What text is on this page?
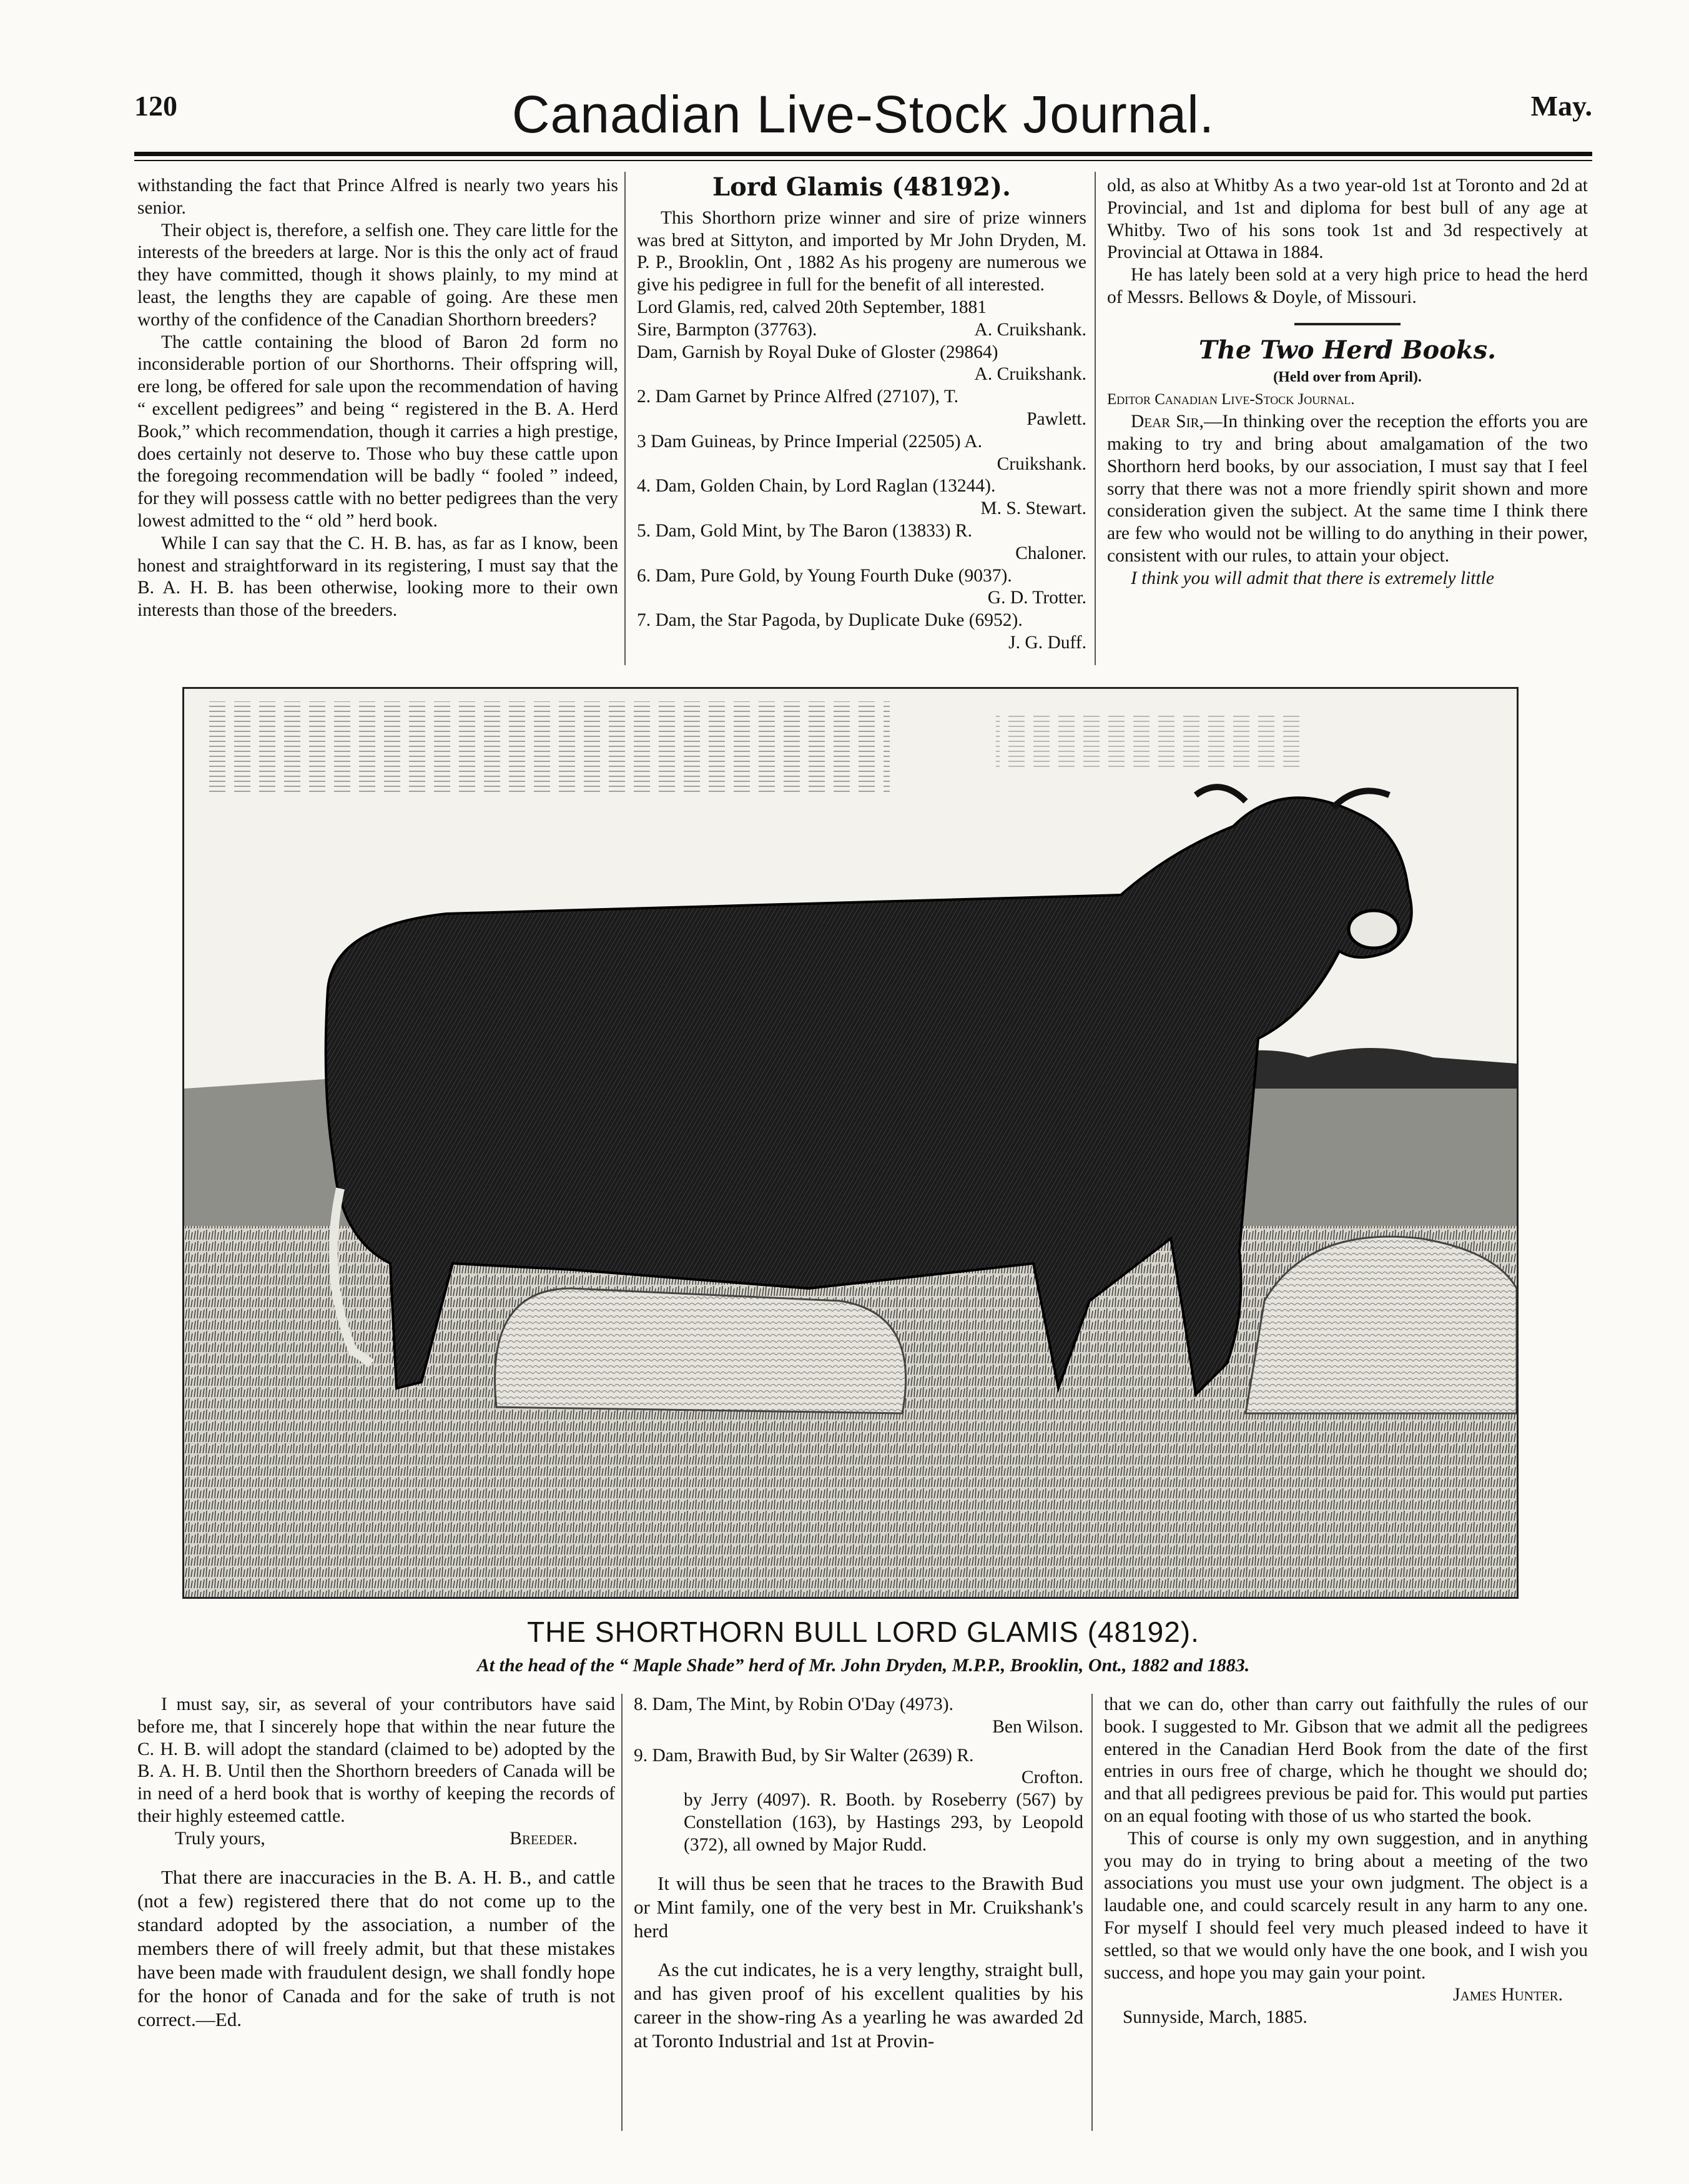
120	Canadian Live-Stock Journal.	May.

withstanding the fact that Prince Alfred is nearly two years his senior.

Their object is, therefore, a selfish one. They care little for the interests of the breeders at large. Nor is this the only act of fraud they have committed, though it shows plainly, to my mind at least, the lengths they are capable of going. Are these men worthy of the confidence of the Canadian Shorthorn breeders?

The cattle containing the blood of Baron 2d form no inconsiderable portion of our Shorthorns. Their offspring will, ere long, be offered for sale upon the recommendation of having “ excellent pedigrees” and being “ registered in the B. A. Herd Book,” which recommendation, though it carries a high prestige, does certainly not deserve to. Those who buy these cattle upon the foregoing recommendation will be badly “ fooled ” indeed, for they will possess cattle with no better pedigrees than the very lowest admitted to the “ old ” herd book.

While I can say that the C. H. B. has, as far as I know, been honest and straightforward in its registering, I must say that the B. A. H. B. has been otherwise, looking more to their own interests than those of the breeders.

Lord Glamis (48192).

This Shorthorn prize winner and sire of prize winners was bred at Sittyton, and imported by Mr John Dryden, M. P. P., Brooklin, Ont , 1882 As his progeny are numerous we give his pedigree in full for the benefit of all interested.

Lord Glamis, red, calved 20th September, 1881
Sire, Barmpton (37763).	A. Cruikshank.
Dam, Garnish by Royal Duke of Gloster (29864)
A. Cruikshank.
2. Dam Garnet by Prince Alfred (27107), T.
Pawlett.
3 Dam Guineas, by Prince Imperial (22505) A.
Cruikshank.
4. Dam, Golden Chain, by Lord Raglan (13244).
M. S. Stewart.
5. Dam, Gold Mint, by The Baron (13833) R.
Chaloner.
6. Dam, Pure Gold, by Young Fourth Duke (9037).
G. D. Trotter.
7. Dam, the Star Pagoda, by Duplicate Duke (6952).
J. G. Duff.

old, as also at Whitby As a two year-old 1st at Toronto and 2d at Provincial, and 1st and diploma for best bull of any age at Whitby. Two of his sons took 1st and 3d respectively at Provincial at Ottawa in 1884.

He has lately been sold at a very high price to head the herd of Messrs. Bellows & Doyle, of Missouri.

The Two Herd Books.

(Held over from April).

Editor Canadian Live-Stock Journal.

Dear Sir,—In thinking over the reception the efforts you are making to try and bring about amalgamation of the two Shorthorn herd books, by our association, I must say that I feel sorry that there was not a more friendly spirit shown and more consideration given the subject. At the same time I think there are few who would not be willing to do anything in their power, consistent with our rules, to attain your object.

I think you will admit that there is extremely little

THE SHORTHORN BULL LORD GLAMIS (48192).
At the head of the “ Maple Shade” herd of Mr. John Dryden, M.P.P., Brooklin, Ont., 1882 and 1883.

I must say, sir, as several of your contributors have said before me, that I sincerely hope that within the near future the C. H. B. will adopt the standard (claimed to be) adopted by the B. A. H. B. Until then the Shorthorn breeders of Canada will be in need of a herd book that is worthy of keeping the records of their highly esteemed cattle.

Truly yours,	Breeder.

That there are inaccuracies in the B. A. H. B., and cattle (not a few) registered there that do not come up to the standard adopted by the association, a number of the members there of will freely admit, but that these mistakes have been made with fraudulent design, we shall fondly hope for the honor of Canada and for the sake of truth is not correct.—Ed.

8. Dam, The Mint, by Robin O'Day (4973).
Ben Wilson.
9. Dam, Brawith Bud, by Sir Walter (2639) R.
Crofton.

by Jerry (4097). R. Booth. by Roseberry (567) by Constellation (163), by Hastings 293, by Leopold (372), all owned by Major Rudd.

It will thus be seen that he traces to the Brawith Bud or Mint family, one of the very best in Mr. Cruikshank's herd

As the cut indicates, he is a very lengthy, straight bull, and has given proof of his excellent qualities by his career in the show-ring As a yearling he was awarded 2d at Toronto Industrial and 1st at Provin-

that we can do, other than carry out faithfully the rules of our book. I suggested to Mr. Gibson that we admit all the pedigrees entered in the Canadian Herd Book from the date of the first entries in ours free of charge, which he thought we should do; and that all pedigrees previous be paid for. This would put parties on an equal footing with those of us who started the book.

This of course is only my own suggestion, and in anything you may do in trying to bring about a meeting of the two associations you must use your own judgment. The object is a laudable one, and could scarcely result in any harm to any one. For myself I should feel very much pleased indeed to have it settled, so that we would only have the one book, and I wish you success, and hope you may gain your point.

James Hunter.

Sunnyside, March, 1885.
